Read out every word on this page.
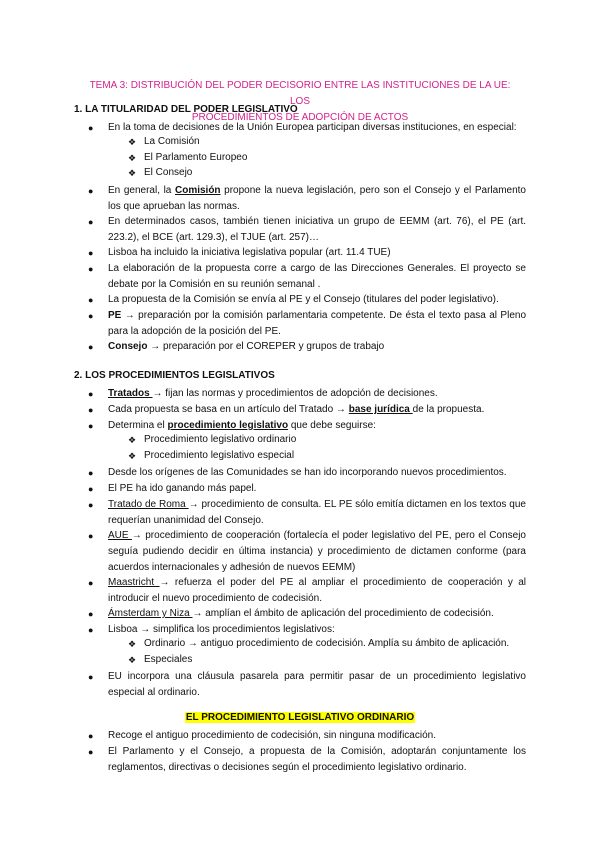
TEMA 3: DISTRIBUCIÓN DEL PODER DECISORIO ENTRE LAS INSTITUCIONES DE LA UE: LOS
PROCEDIMIENTOS DE ADOPCIÓN DE ACTOS
1. LA TITULARIDAD DEL PODER LEGISLATIVO
● En la toma de decisiones de la Unión Europea participan diversas instituciones, en especial:
❖ La Comisión
❖ El Parlamento Europeo
❖ El Consejo
● En general, la Comisión propone la nueva legislación, pero son el Consejo y el Parlamento los que aprueban las normas.
● En determinados casos, también tienen iniciativa un grupo de EEMM (art. 76), el PE (art. 223.2), el BCE (art. 129.3), el TJUE (art. 257)…
● Lisboa ha incluido la iniciativa legislativa popular (art. 11.4 TUE)
● La elaboración de la propuesta corre a cargo de las Direcciones Generales. El proyecto se debate por la Comisión en su reunión semanal .
● La propuesta de la Comisión se envía al PE y el Consejo (titulares del poder legislativo).
● PE → preparación por la comisión parlamentaria competente. De ésta el texto pasa al Pleno para la adopción de la posición del PE.
● Consejo → preparación por el COREPER y grupos de trabajo
2. LOS PROCEDIMIENTOS LEGISLATIVOS
● Tratados → fijan las normas y procedimientos de adopción de decisiones.
● Cada propuesta se basa en un artículo del Tratado → base jurídica de la propuesta.
● Determina el procedimiento legislativo que debe seguirse:
❖ Procedimiento legislativo ordinario
❖ Procedimiento legislativo especial
● Desde los orígenes de las Comunidades se han ido incorporando nuevos procedimientos.
● El PE ha ido ganando más papel.
● Tratado de Roma → procedimiento de consulta. EL PE sólo emitía dictamen en los textos que requerían unanimidad del Consejo.
● AUE → procedimiento de cooperación (fortalecía el poder legislativo del PE, pero el Consejo seguía pudiendo decidir en última instancia) y procedimiento de dictamen conforme (para acuerdos internacionales y adhesión de nuevos EEMM)
● Maastricht → refuerza el poder del PE al ampliar el procedimiento de cooperación y al introducir el nuevo procedimiento de codecisión.
● Ámsterdam y Niza → amplían el ámbito de aplicación del procedimiento de codecisión.
● Lisboa → simplifica los procedimientos legislativos:
❖ Ordinario → antiguo procedimiento de codecisión. Amplía su ámbito de aplicación.
❖ Especiales
● EU incorpora una cláusula pasarela para permitir pasar de un procedimiento legislativo especial al ordinario.
EL PROCEDIMIENTO LEGISLATIVO ORDINARIO
● Recoge el antiguo procedimiento de codecisión, sin ninguna modificación.
● El Parlamento y el Consejo, a propuesta de la Comisión, adoptarán conjuntamente los reglamentos, directivas o decisiones según el procedimiento legislativo ordinario.
